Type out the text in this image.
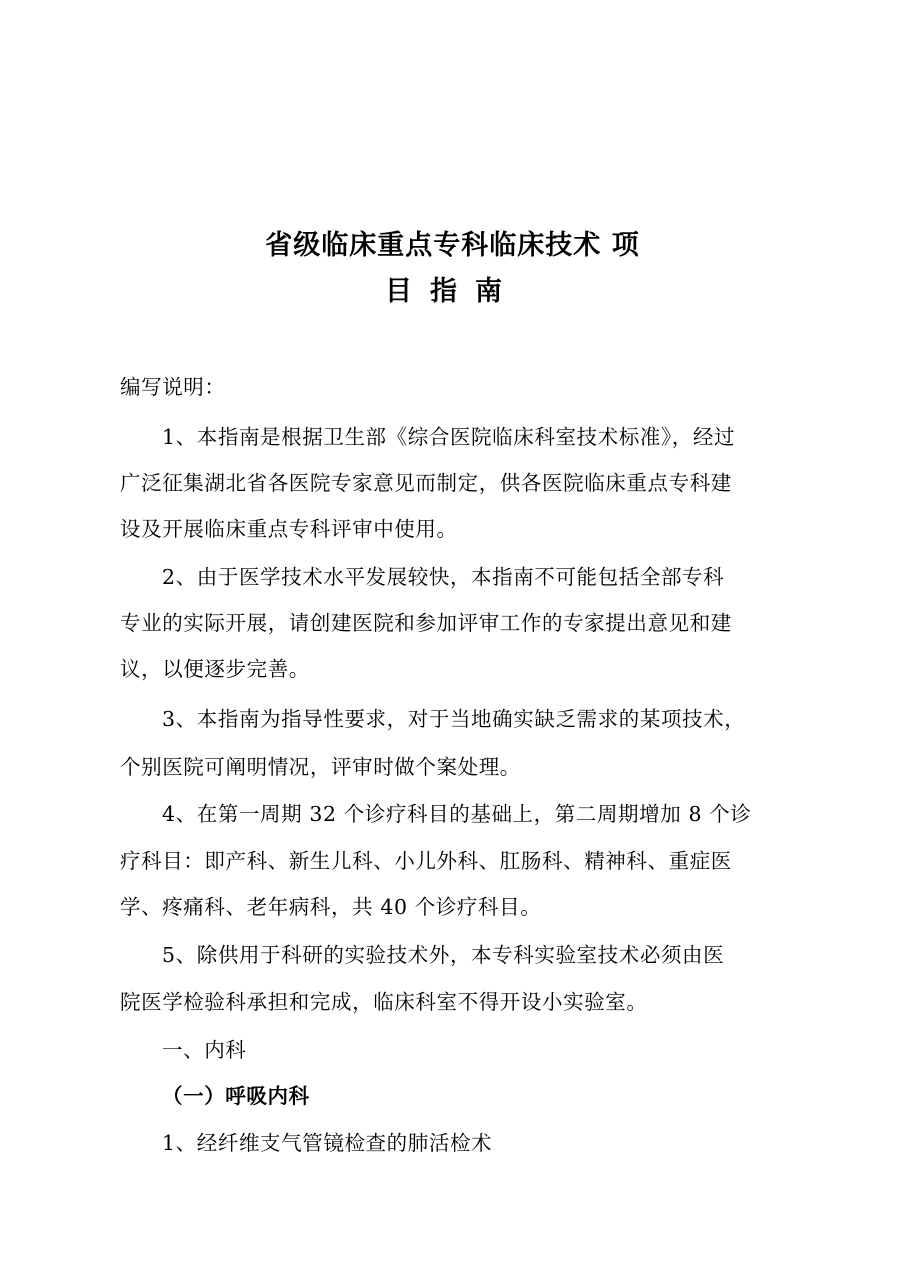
省级临床重点专科临床技术 项
目指南
编写说明：
1、本指南是根据卫生部《综合医院临床科室技术标准》，经过
广泛征集湖北省各医院专家意见而制定，供各医院临床重点专科建
设及开展临床重点专科评审中使用。
2、由于医学技术水平发展较快，本指南不可能包括全部专科
专业的实际开展，请创建医院和参加评审工作的专家提出意见和建
议，以便逐步完善。
3、本指南为指导性要求，对于当地确实缺乏需求的某项技术，
个别医院可阐明情况，评审时做个案处理。
4、在第一周期 32 个诊疗科目的基础上，第二周期增加 8 个诊
疗科目：即产科、新生儿科、小儿外科、肛肠科、精神科、重症医
学、疼痛科、老年病科，共 40 个诊疗科目。
5、除供用于科研的实验技术外，本专科实验室技术必须由医
院医学检验科承担和完成，临床科室不得开设小实验室。
一、内科
（一）呼吸内科
1、经纤维支气管镜检查的肺活检术
